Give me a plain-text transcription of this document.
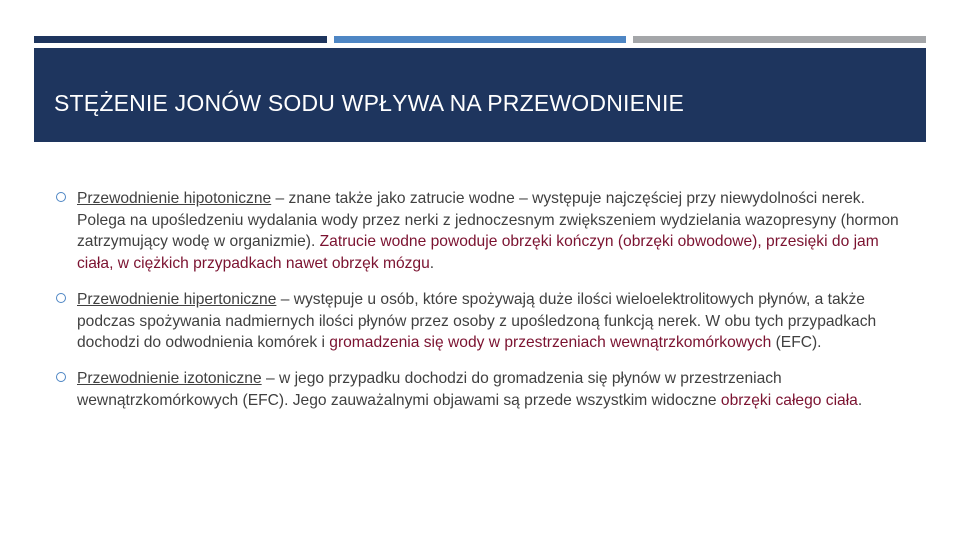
STĘŻENIE JONÓW SODU WPŁYWA NA PRZEWODNIENIE
Przewodnienie hipotoniczne – znane także jako zatrucie wodne – występuje najczęściej przy niewydolności nerek. Polega na upośledzeniu wydalania wody przez nerki z jednoczesnym zwiększeniem wydzielania wazopresyny (hormon zatrzymujący wodę w organizmie). Zatrucie wodne powoduje obrzęki kończyn (obrzęki obwodowe), przesięki do jam ciała, w ciężkich przypadkach nawet obrzęk mózgu.
Przewodnienie hipertoniczne – występuje u osób, które spożywają duże ilości wieloelektrolitowych płynów, a także podczas spożywania nadmiernych ilości płynów przez osoby z upośledzoną funkcją nerek. W obu tych przypadkach dochodzi do odwodnienia komórek i gromadzenia się wody w przestrzeniach wewnątrzkomórkowych (EFC).
Przewodnienie izotoniczne – w jego przypadku dochodzi do gromadzenia się płynów w przestrzeniach wewnątrzkomórkowych (EFC). Jego zauważalnymi objawami są przede wszystkim widoczne obrzęki całego ciała.
